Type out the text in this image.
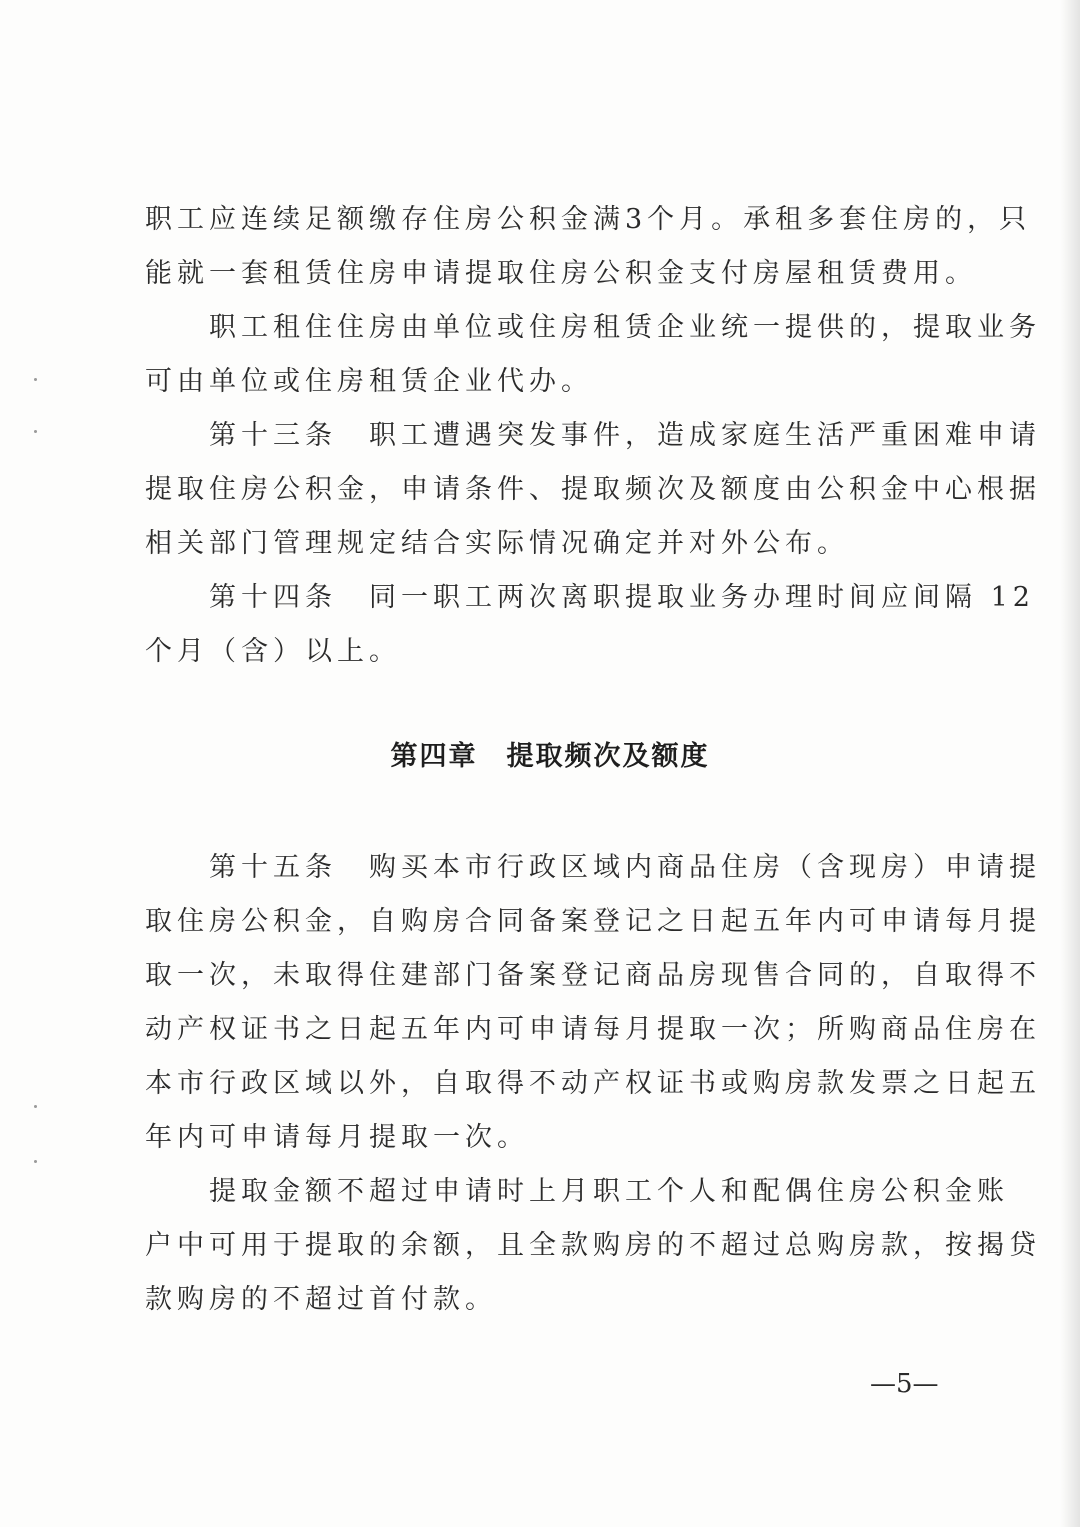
职工应连续足额缴存住房公积金满3个月。承租多套住房的，只
能就一套租赁住房申请提取住房公积金支付房屋租赁费用。
　　职工租住住房由单位或住房租赁企业统一提供的，提取业务
可由单位或住房租赁企业代办。
　　第十三条　职工遭遇突发事件，造成家庭生活严重困难申请
提取住房公积金，申请条件、提取频次及额度由公积金中心根据
相关部门管理规定结合实际情况确定并对外公布。
　　第十四条　同一职工两次离职提取业务办理时间应间隔 12
个月（含）以上。
第四章　提取频次及额度
　　第十五条　购买本市行政区域内商品住房（含现房）申请提
取住房公积金，自购房合同备案登记之日起五年内可申请每月提
取一次，未取得住建部门备案登记商品房现售合同的，自取得不
动产权证书之日起五年内可申请每月提取一次；所购商品住房在
本市行政区域以外，自取得不动产权证书或购房款发票之日起五
年内可申请每月提取一次。
　　提取金额不超过申请时上月职工个人和配偶住房公积金账
户中可用于提取的余额，且全款购房的不超过总购房款，按揭贷
款购房的不超过首付款。
—5—
